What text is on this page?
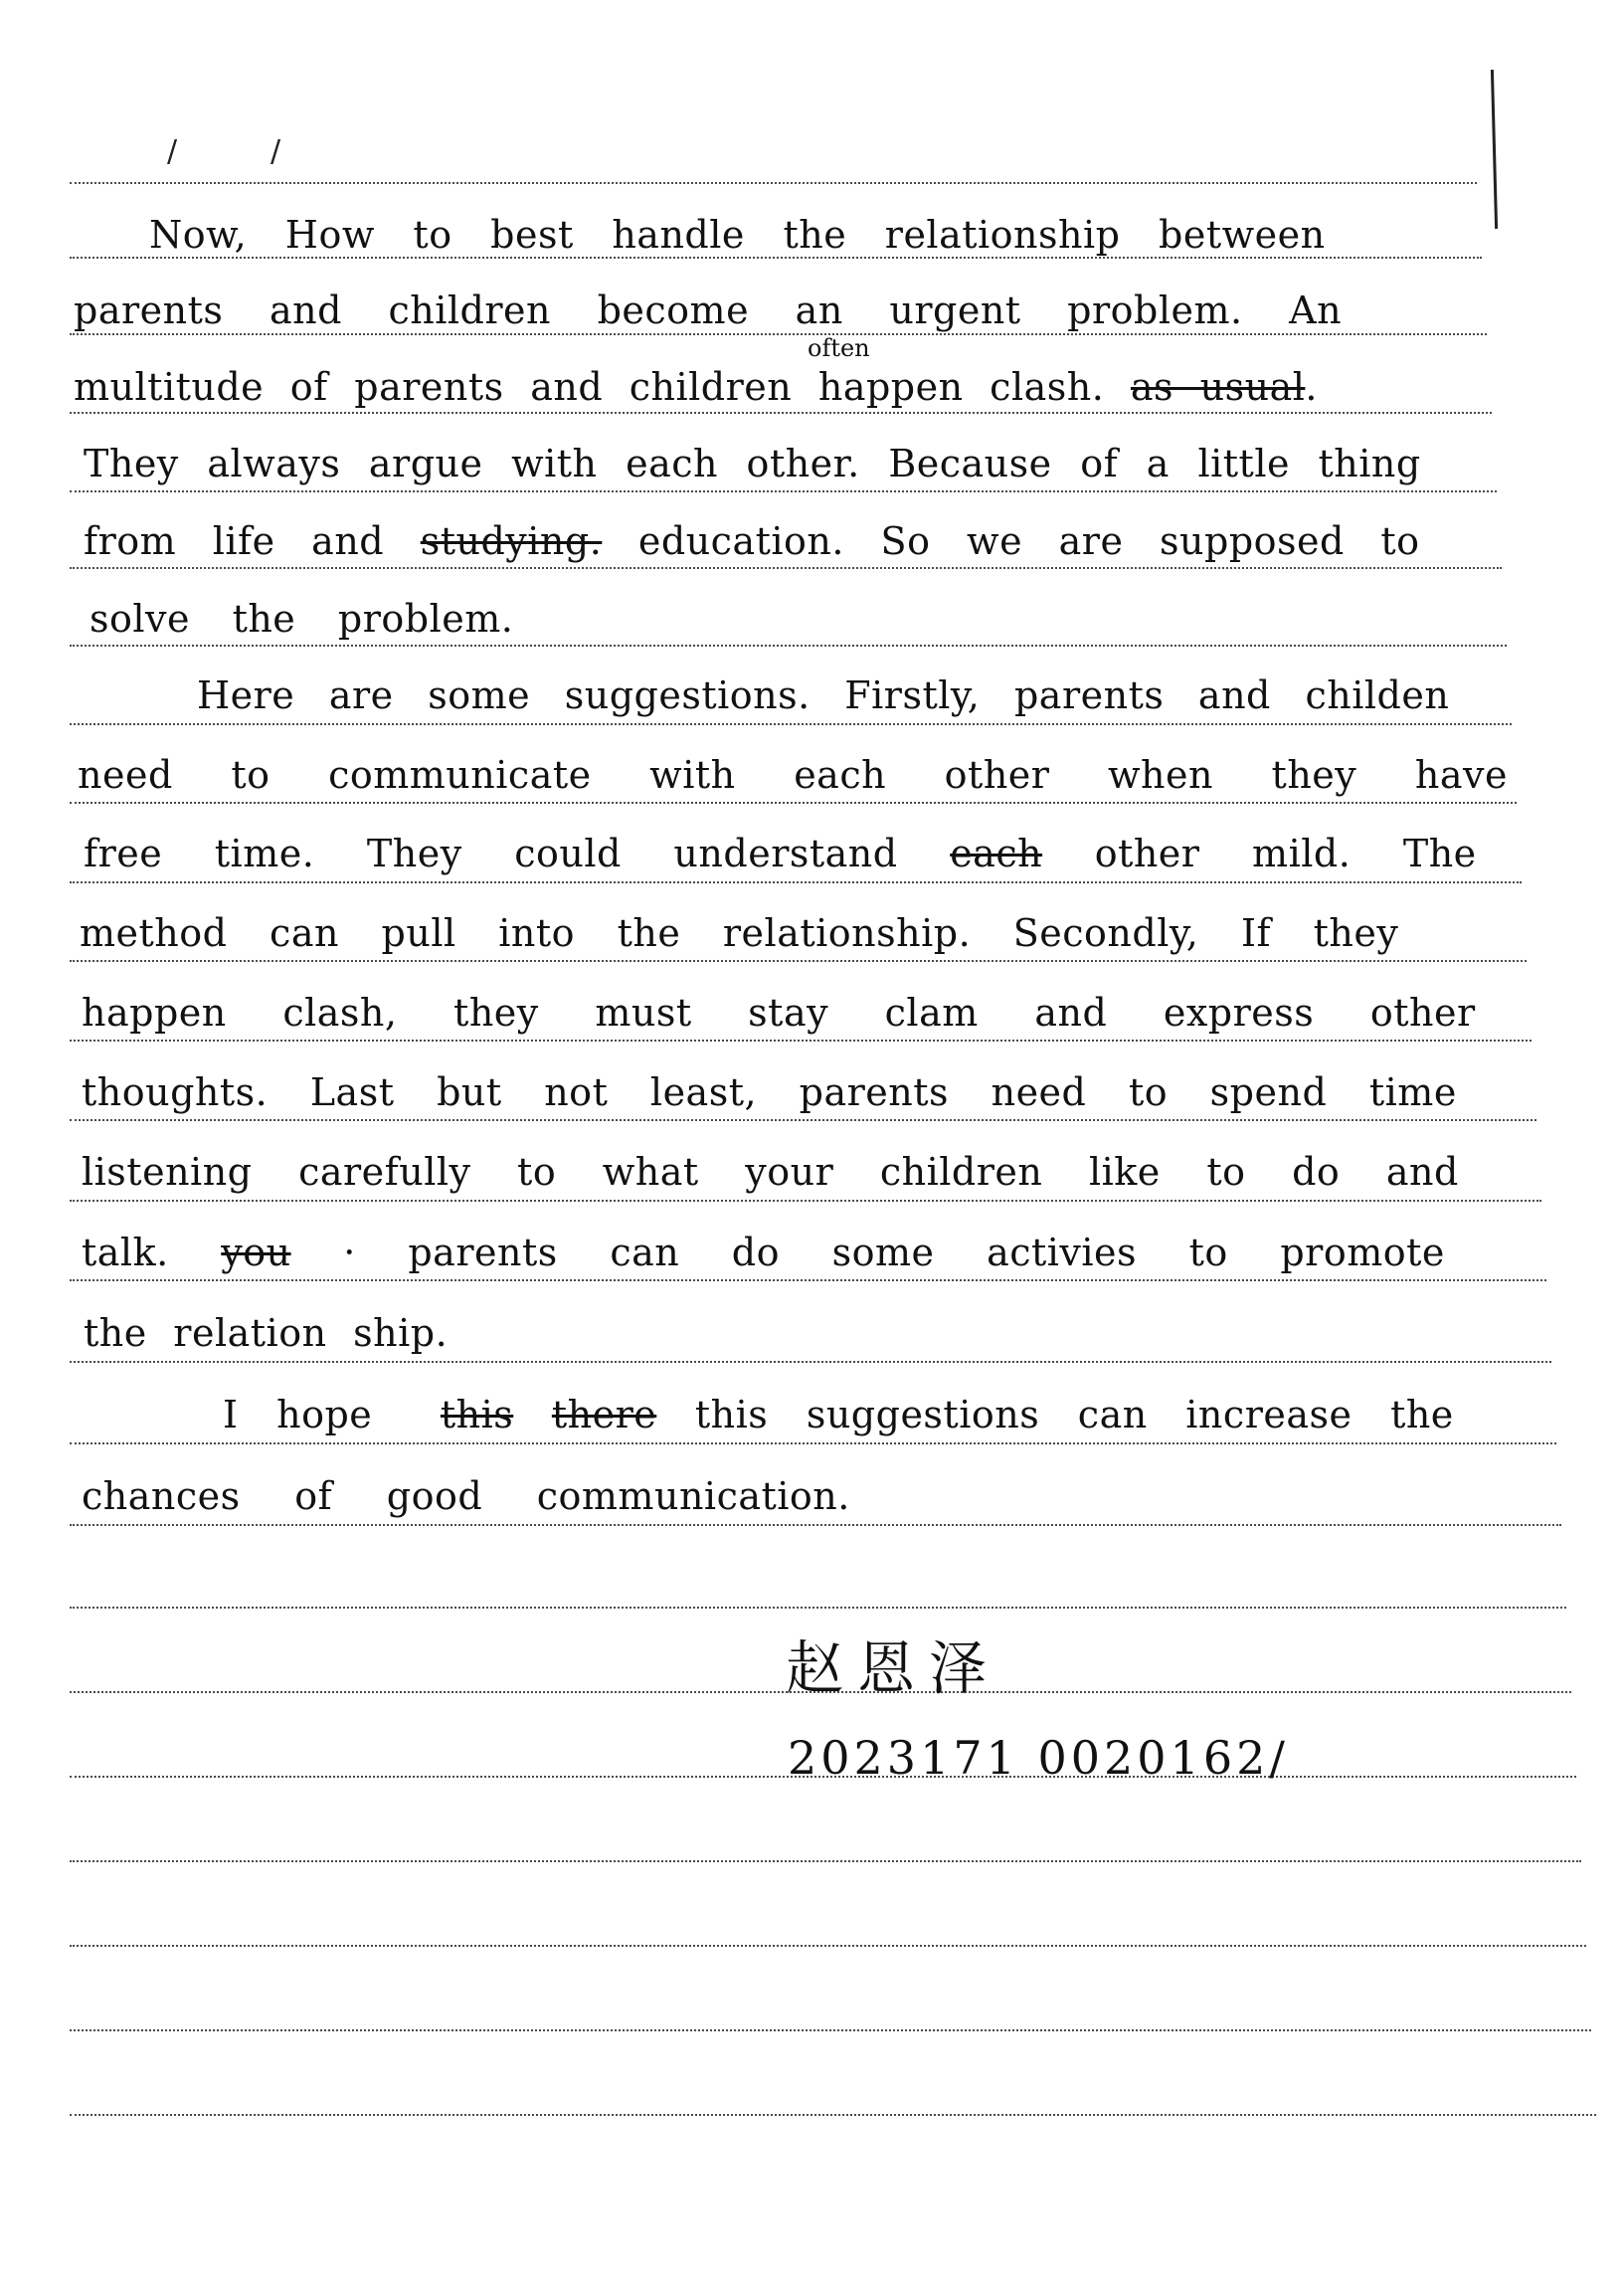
/	/
Now, How to best handle the relationship between
parents and children become an urgent problem. An
multitude of parents and children happen clash. as usual.
often
They always argue with each other. Because of a little thing
from life and studying. education. So we are supposed to
solve the problem.
Here are some suggestions. Firstly, parents and childen
need to communicate with each other when they have
free time. They could understand each other mild. The
method can pull into the relationship. Secondly, If they
happen clash, they must stay clam and express other
thoughts. Last but not least, parents need to spend time
listening carefully to what your children like to do and
talk. you · parents can do some activies to promote
the relation ship.
I hope this there this suggestions can increase the
chances of good communication.
赵恩泽
2023171 0020162/
